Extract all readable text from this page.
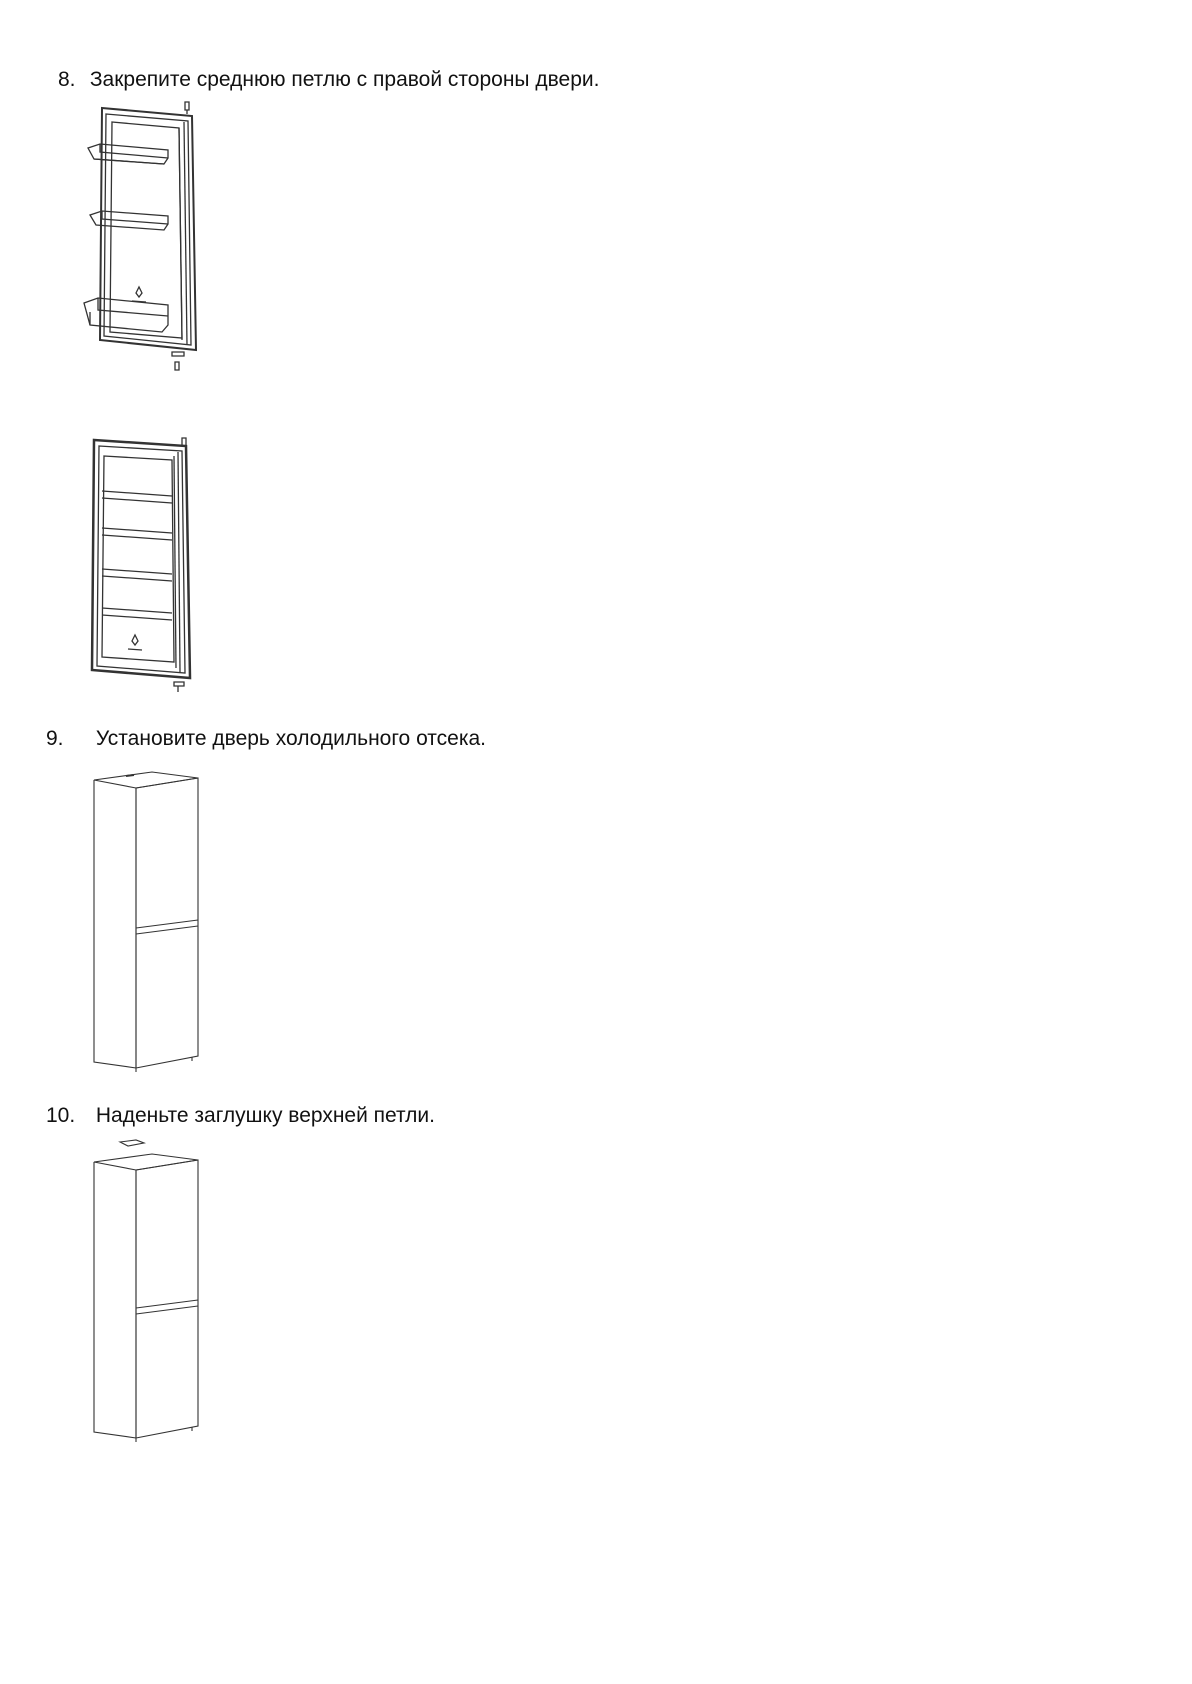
8. Закрепите среднюю петлю с правой стороны двери.
9. Установите дверь холодильного отсека.
10. Наденьте заглушку верхней петли.
